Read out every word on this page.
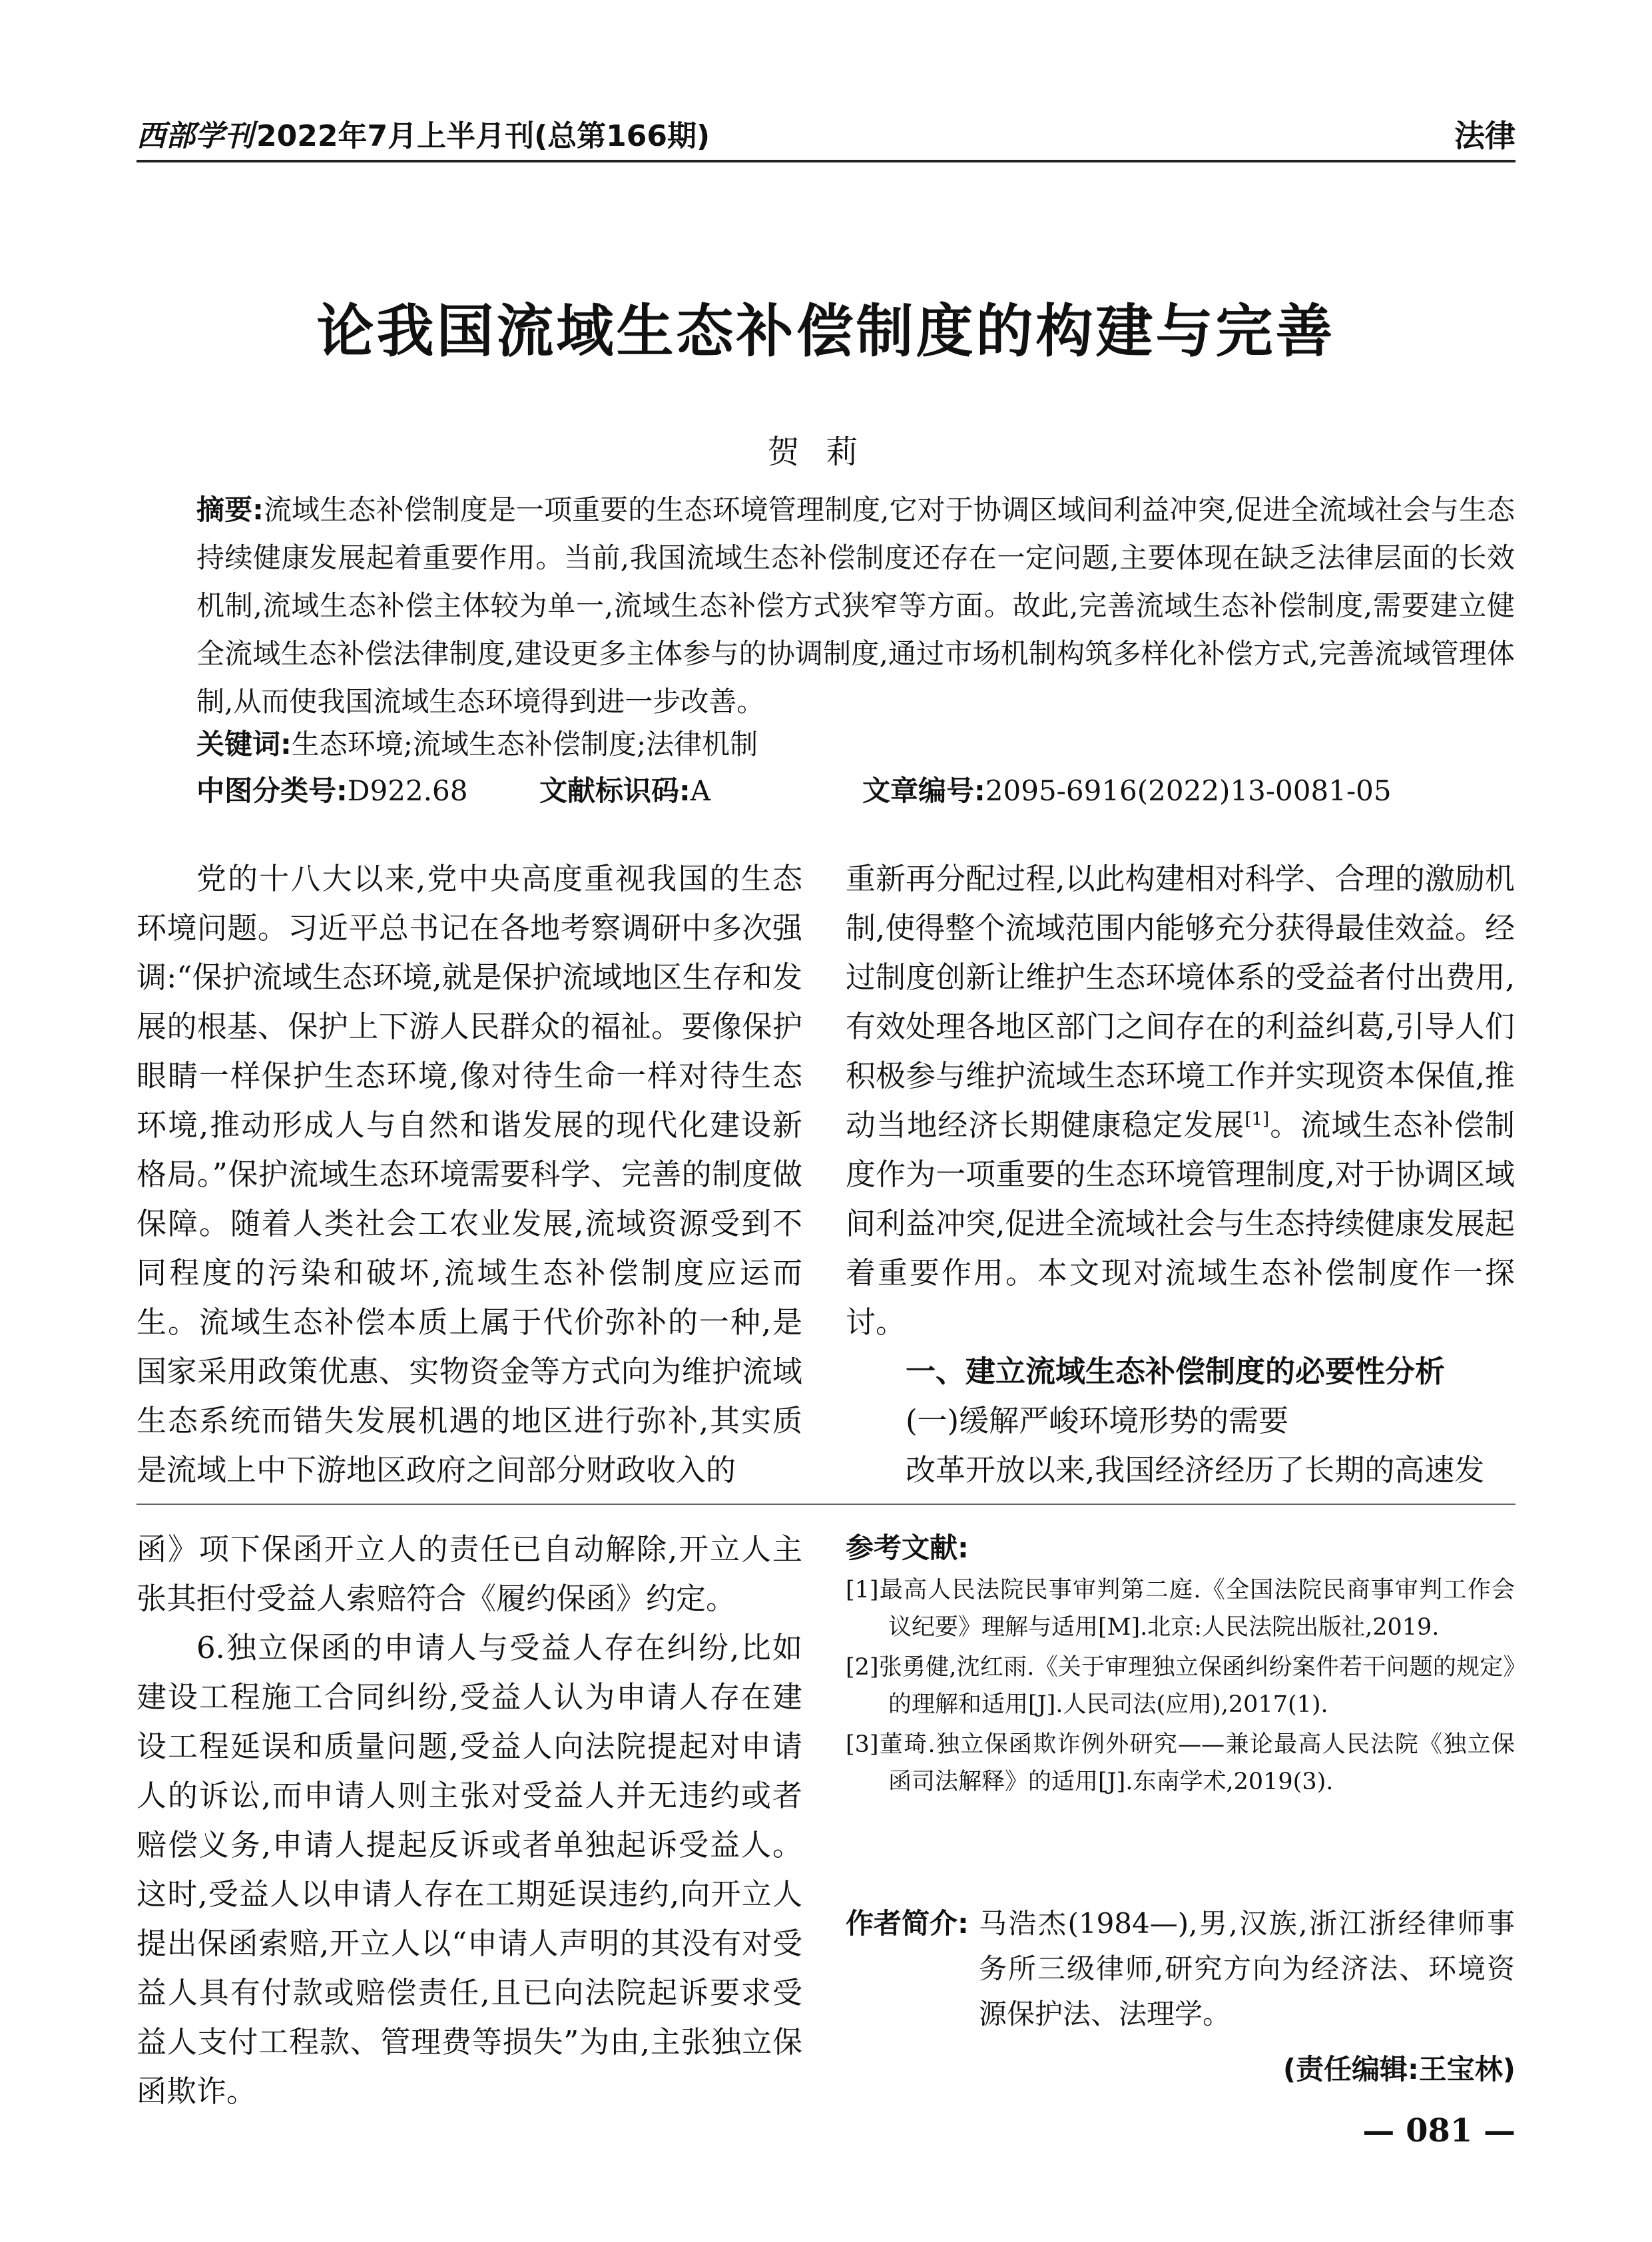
西部学刊2022年7月上半月刊(总第166期)	法律
论我国流域生态补偿制度的构建与完善
贺莉
摘要:流域生态补偿制度是一项重要的生态环境管理制度,它对于协调区域间利益冲突,促进全流域社会与生态持续健康发展起着重要作用。当前,我国流域生态补偿制度还存在一定问题,主要体现在缺乏法律层面的长效机制,流域生态补偿主体较为单一,流域生态补偿方式狭窄等方面。故此,完善流域生态补偿制度,需要建立健全流域生态补偿法律制度,建设更多主体参与的协调制度,通过市场机制构筑多样化补偿方式,完善流域管理体制,从而使我国流域生态环境得到进一步改善。
关键词:生态环境;流域生态补偿制度;法律机制
中图分类号:D922.68	文献标识码:A	文章编号:2095-6916(2022)13-0081-05

党的十八大以来,党中央高度重视我国的生态环境问题。习近平总书记在各地考察调研中多次强调:“保护流域生态环境,就是保护流域地区生存和发展的根基、保护上下游人民群众的福祉。要像保护眼睛一样保护生态环境,像对待生命一样对待生态环境,推动形成人与自然和谐发展的现代化建设新格局。”保护流域生态环境需要科学、完善的制度做保障。随着人类社会工农业发展,流域资源受到不同程度的污染和破坏,流域生态补偿制度应运而生。流域生态补偿本质上属于代价弥补的一种,是国家采用政策优惠、实物资金等方式向为维护流域生态系统而错失发展机遇的地区进行弥补,其实质是流域上中下游地区政府之间部分财政收入的

重新再分配过程,以此构建相对科学、合理的激励机制,使得整个流域范围内能够充分获得最佳效益。经过制度创新让维护生态环境体系的受益者付出费用,有效处理各地区部门之间存在的利益纠葛,引导人们积极参与维护流域生态环境工作并实现资本保值,推动当地经济长期健康稳定发展[1]。流域生态补偿制度作为一项重要的生态环境管理制度,对于协调区域间利益冲突,促进全流域社会与生态持续健康发展起着重要作用。本文现对流域生态补偿制度作一探讨。

一、建立流域生态补偿制度的必要性分析
(一)缓解严峻环境形势的需要

改革开放以来,我国经济经历了长期的高速发

函》项下保函开立人的责任已自动解除,开立人主张其拒付受益人索赔符合《履约保函》约定。

6.独立保函的申请人与受益人存在纠纷,比如建设工程施工合同纠纷,受益人认为申请人存在建设工程延误和质量问题,受益人向法院提起对申请人的诉讼,而申请人则主张对受益人并无违约或者赔偿义务,申请人提起反诉或者单独起诉受益人。这时,受益人以申请人存在工期延误违约,向开立人提出保函索赔,开立人以“申请人声明的其没有对受益人具有付款或赔偿责任,且已向法院起诉要求受益人支付工程款、管理费等损失”为由,主张独立保函欺诈。

参考文献:
[1]最高人民法院民事审判第二庭.《全国法院民商事审判工作会议纪要》理解与适用[M].北京:人民法院出版社,2019.
[2]张勇健,沈红雨.《关于审理独立保函纠纷案件若干问题的规定》的理解和适用[J].人民司法(应用),2017(1).
[3]董琦.独立保函欺诈例外研究——兼论最高人民法院《独立保函司法解释》的适用[J].东南学术,2019(3).
作者简介: 马浩杰(1984—),男,汉族,浙江浙经律师事务所三级律师,研究方向为经济法、环境资源保护法、法理学。
(责任编辑:王宝林)
— 081 —
